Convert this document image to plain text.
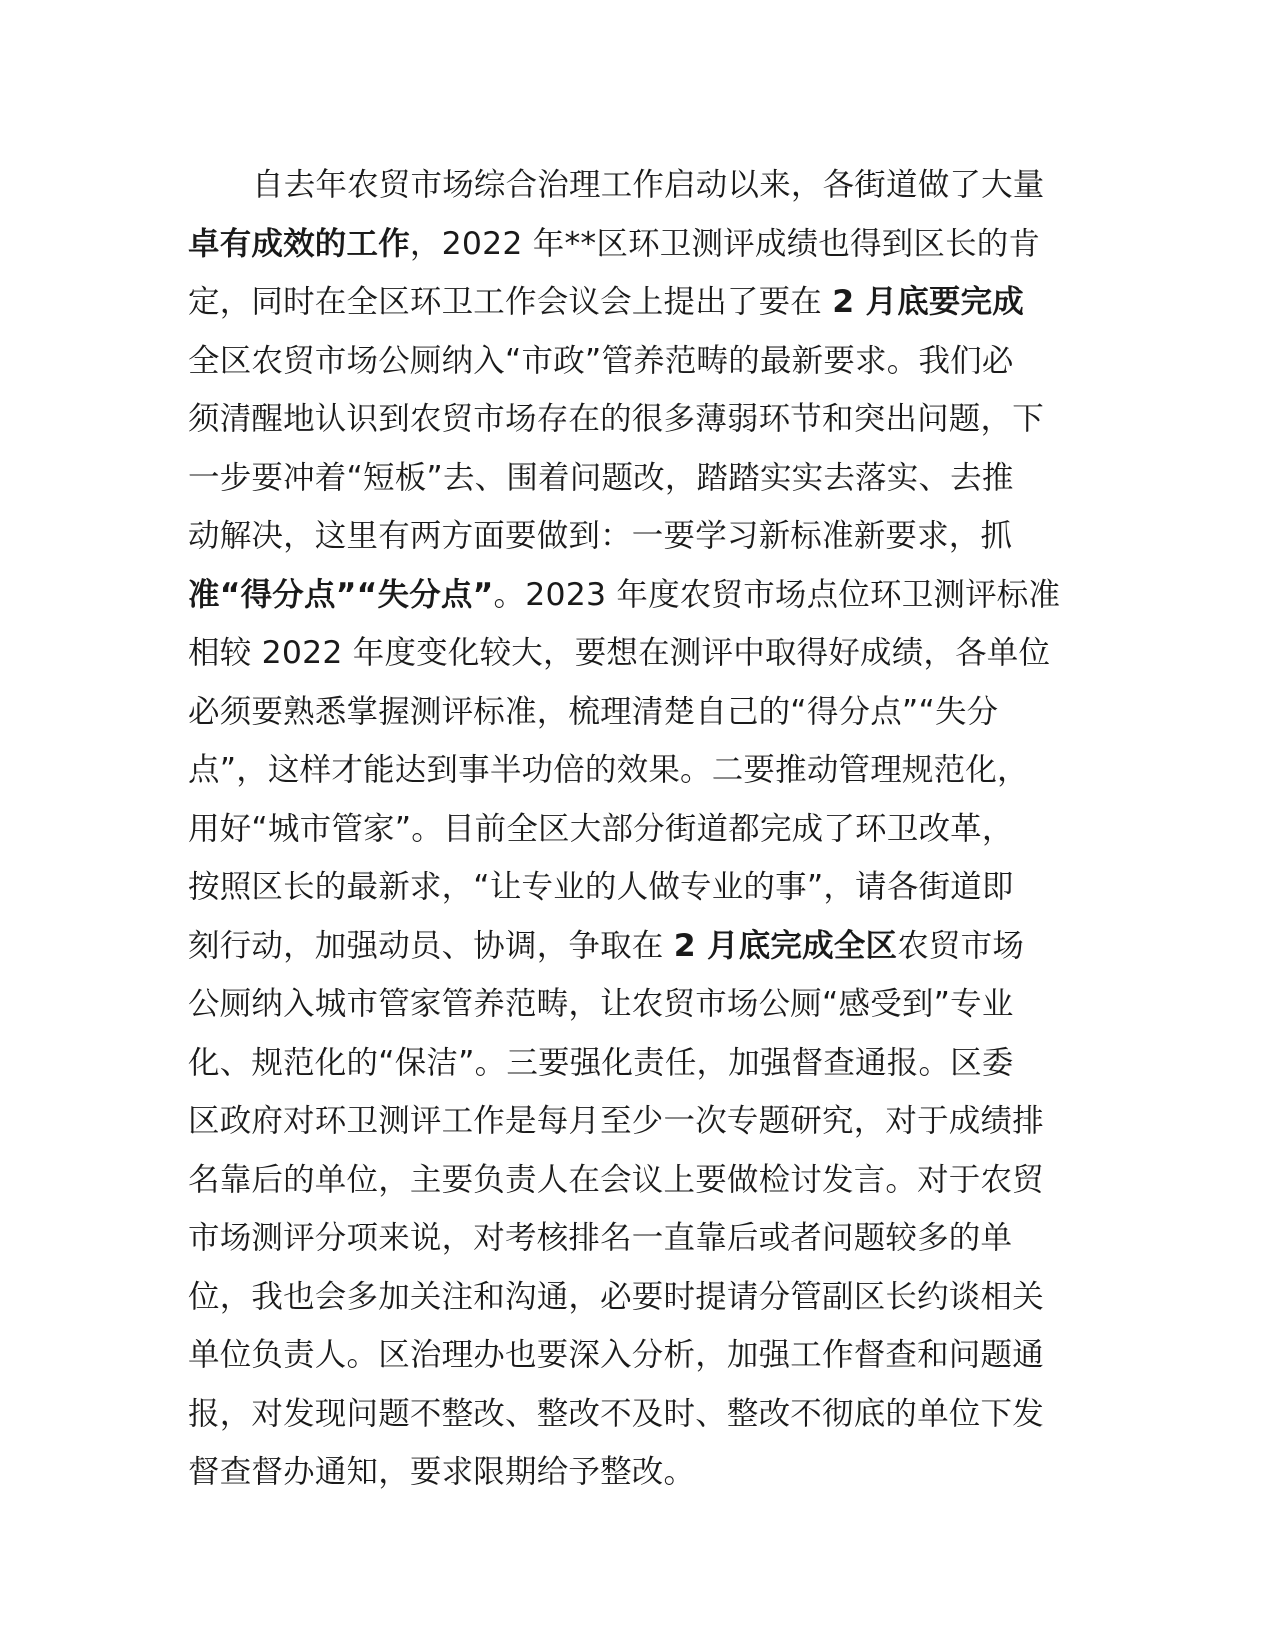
自去年农贸市场综合治理工作启动以来，各街道做了大量
卓有成效的工作，2022 年**区环卫测评成绩也得到区长的肯
定，同时在全区环卫工作会议会上提出了要在 2 月底要完成
全区农贸市场公厕纳入“市政”管养范畴的最新要求。我们必
须清醒地认识到农贸市场存在的很多薄弱环节和突出问题，下
一步要冲着“短板”去、围着问题改，踏踏实实去落实、去推
动解决，这里有两方面要做到：一要学习新标准新要求，抓
准“得分点”“失分点”。2023 年度农贸市场点位环卫测评标准
相较 2022 年度变化较大，要想在测评中取得好成绩，各单位
必须要熟悉掌握测评标准，梳理清楚自己的“得分点”“失分
点”，这样才能达到事半功倍的效果。二要推动管理规范化，
用好“城市管家”。目前全区大部分街道都完成了环卫改革，
按照区长的最新求，“让专业的人做专业的事”，请各街道即
刻行动，加强动员、协调，争取在 2 月底完成全区农贸市场
公厕纳入城市管家管养范畴，让农贸市场公厕“感受到”专业
化、规范化的“保洁”。三要强化责任，加强督查通报。区委
区政府对环卫测评工作是每月至少一次专题研究，对于成绩排
名靠后的单位，主要负责人在会议上要做检讨发言。对于农贸
市场测评分项来说，对考核排名一直靠后或者问题较多的单
位，我也会多加关注和沟通，必要时提请分管副区长约谈相关
单位负责人。区治理办也要深入分析，加强工作督查和问题通
报，对发现问题不整改、整改不及时、整改不彻底的单位下发
督查督办通知，要求限期给予整改。
